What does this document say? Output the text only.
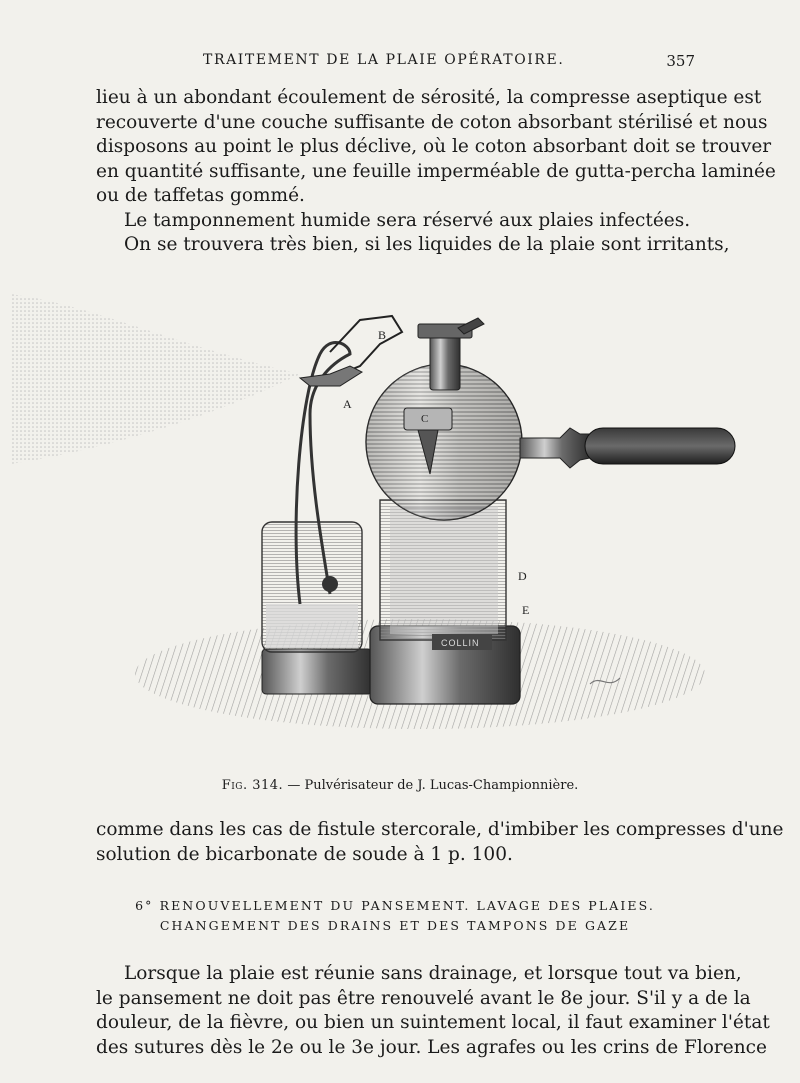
TRAITEMENT DE LA PLAIE OPÉRATOIRE.	357
lieu à un abondant écoulement de sérosité, la compresse aseptique est
recouverte d'une couche suffisante de coton absorbant stérilisé et nous
disposons au point le plus déclive, où le coton absorbant doit se trouver
en quantité suffisante, une feuille imperméable de gutta-percha laminée
ou de taffetas gommé.
Le tamponnement humide sera réservé aux plaies infectées.
On se trouvera très bien, si les liquides de la plaie sont irritants,
A
B
C
D
E
COLLIN
Fig. 314. — Pulvérisateur de J. Lucas-Championnière.
comme dans les cas de fistule stercorale, d'imbiber les compresses d'une
solution de bicarbonate de soude à 1 p. 100.
6° RENOUVELLEMENT DU PANSEMENT. LAVAGE DES PLAIES.
CHANGEMENT DES DRAINS ET DES TAMPONS DE GAZE
Lorsque la plaie est réunie sans drainage, et lorsque tout va bien,
le pansement ne doit pas être renouvelé avant le 8e jour. S'il y a de la
douleur, de la fièvre, ou bien un suintement local, il faut examiner l'état
des sutures dès le 2e ou le 3e jour. Les agrafes ou les crins de Florence
